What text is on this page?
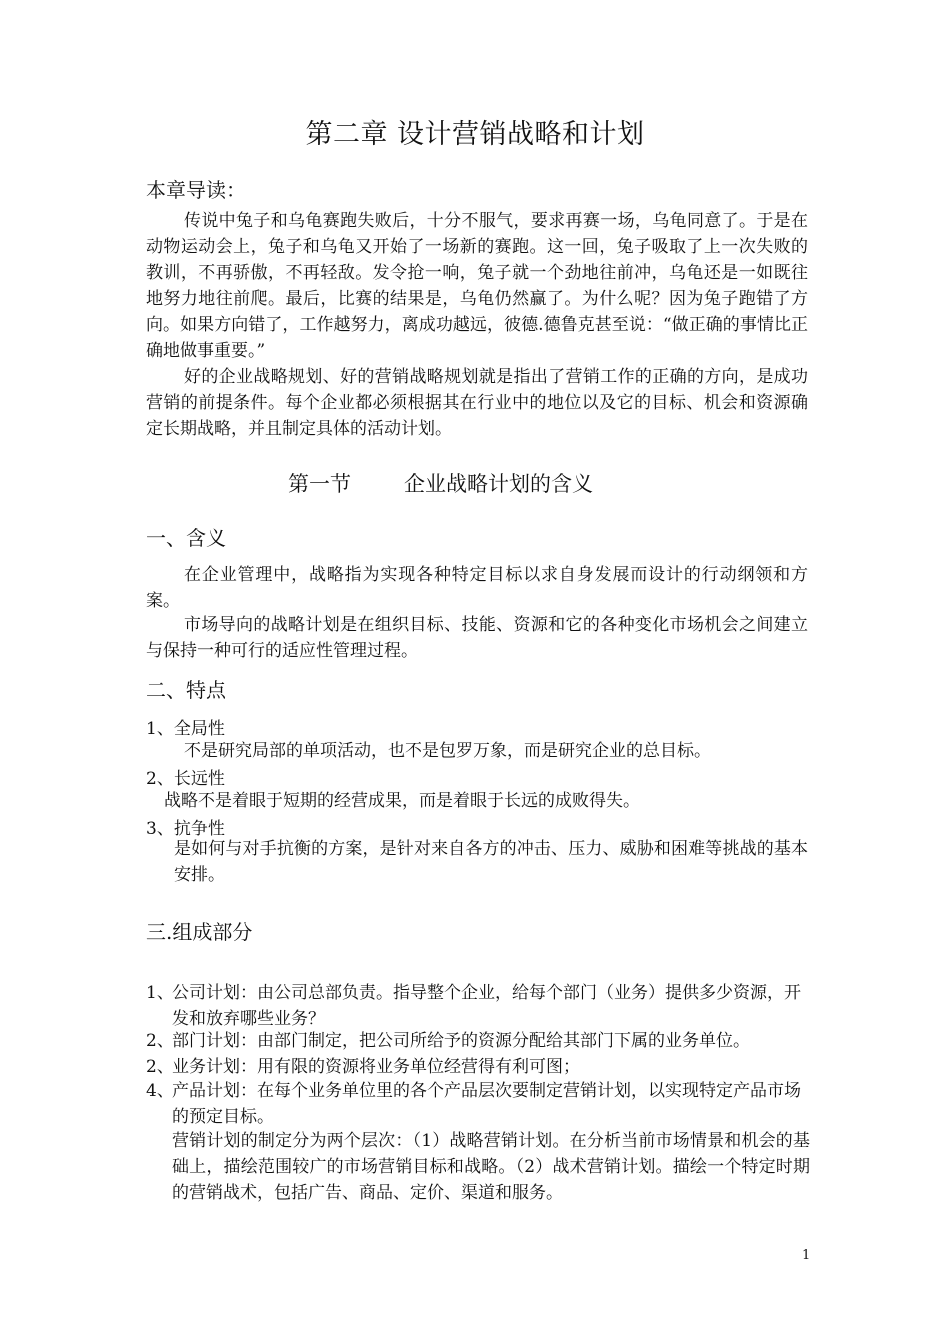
第二章 设计营销战略和计划
本章导读：
传说中兔子和乌龟赛跑失败后，十分不服气，要求再赛一场，乌龟同意了。于是在动物运动会上，兔子和乌龟又开始了一场新的赛跑。这一回，兔子吸取了上一次失败的教训，不再骄傲，不再轻敌。发令抢一响，兔子就一个劲地往前冲，乌龟还是一如既往地努力地往前爬。最后，比赛的结果是，乌龟仍然赢了。为什么呢？因为兔子跑错了方向。如果方向错了，工作越努力，离成功越远，彼德.德鲁克甚至说：“做正确的事情比正确地做事重要。”
好的企业战略规划、好的营销战略规划就是指出了营销工作的正确的方向，是成功营销的前提条件。每个企业都必须根据其在行业中的地位以及它的目标、机会和资源确定长期战略，并且制定具体的活动计划。
第一节	企业战略计划的含义
一、含义
在企业管理中，战略指为实现各种特定目标以求自身发展而设计的行动纲领和方案。
市场导向的战略计划是在组织目标、技能、资源和它的各种变化市场机会之间建立与保持一种可行的适应性管理过程。
二、特点
1、全局性
不是研究局部的单项活动，也不是包罗万象，而是研究企业的总目标。
2、长远性
战略不是着眼于短期的经营成果，而是着眼于长远的成败得失。
3、抗争性
是如何与对手抗衡的方案，是针对来自各方的冲击、压力、威胁和困难等挑战的基本安排。
三.组成部分
1、
公司计划：由公司总部负责。指导整个企业，给每个部门（业务）提供多少资源，开发和放弃哪些业务？
2、
部门计划：由部门制定，把公司所给予的资源分配给其部门下属的业务单位。
2、
业务计划：用有限的资源将业务单位经营得有利可图；
4、
产品计划：在每个业务单位里的各个产品层次要制定营销计划，以实现特定产品市场的预定目标。
营销计划的制定分为两个层次：（1）战略营销计划。在分析当前市场情景和机会的基础上，描绘范围较广的市场营销目标和战略。（2）战术营销计划。描绘一个特定时期的营销战术，包括广告、商品、定价、渠道和服务。
1
